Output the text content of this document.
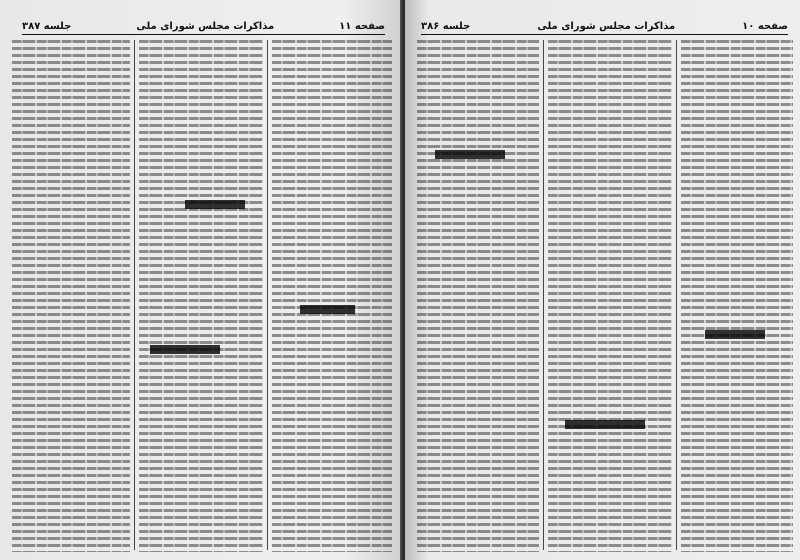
صفحه ۱۱
مذاکرات مجلس شورای ملی
جلسه ۳۸۷	صفحه ۱۰
مذاکرات مجلس شورای ملی
جلسه ۳۸۶
